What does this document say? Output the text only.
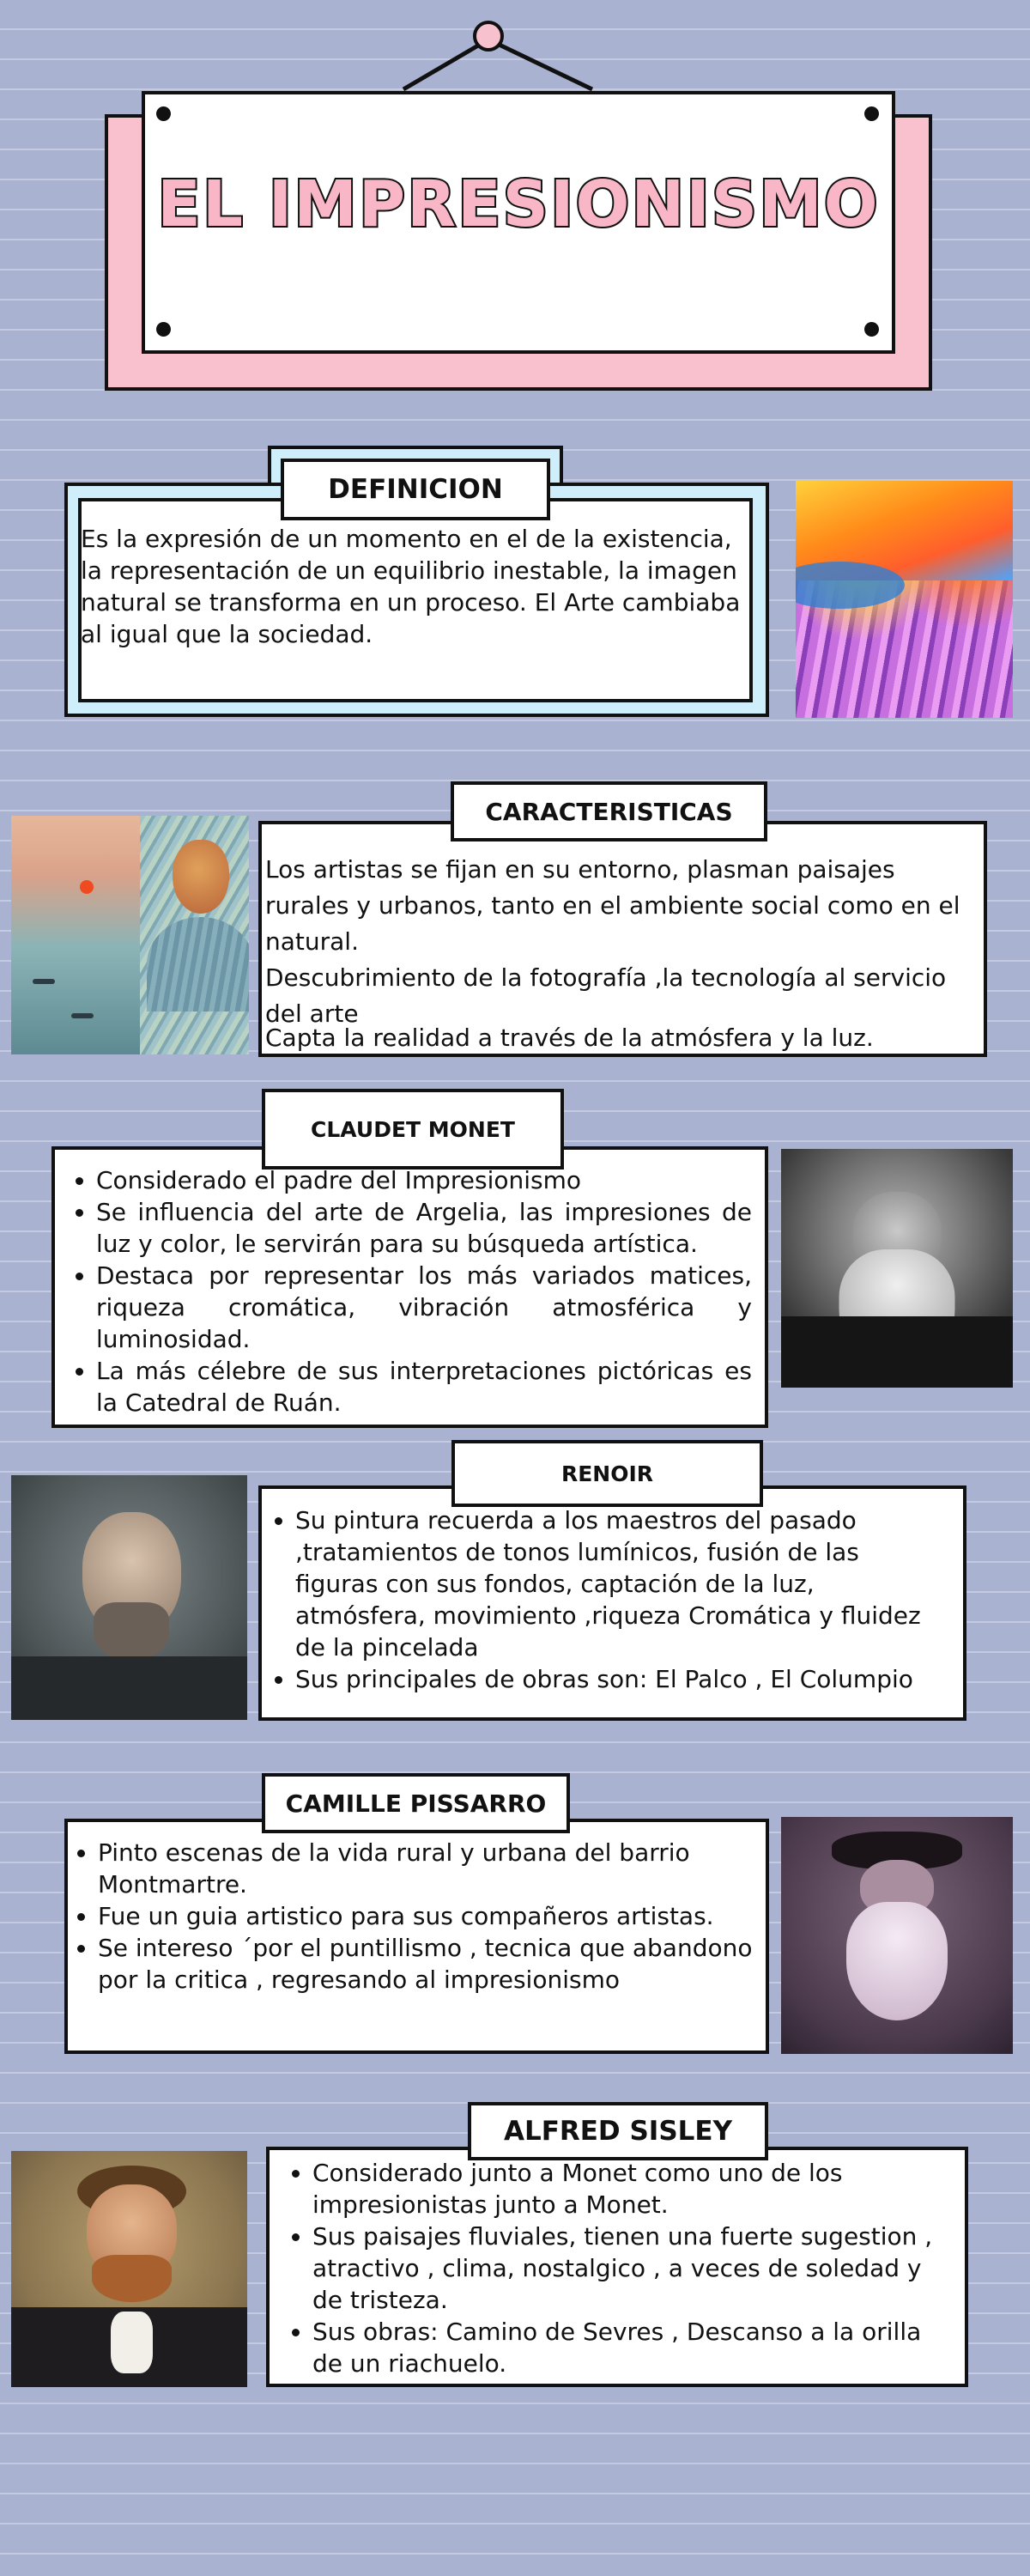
EL IMPRESIONISMO
DEFINICION
Es la expresión de un momento en el de la existencia, la representación de un equilibrio inestable, la imagen natural se transforma en un proceso. El Arte cambiaba al igual que la sociedad.
CARACTERISTICAS
Los artistas se fijan en su entorno, plasman paisajes rurales y urbanos, tanto en el ambiente social como en el natural.
Descubrimiento de la fotografía ,la tecnología al servicio del arte
Capta la realidad a través de la atmósfera y la luz.
CLAUDET MONET
• Considerado el padre del Impresionismo
• Se influencia del arte de Argelia, las impresiones de luz y color, le servirán para su búsqueda artística.
• Destaca por representar los más variados matices, riqueza cromática, vibración atmosférica y luminosidad.
• La más célebre de sus interpretaciones pictóricas es la Catedral de Ruán.
RENOIR
• Su pintura recuerda a los maestros del pasado ,tratamientos de tonos lumínicos, fusión de las figuras con sus fondos, captación de la luz, atmósfera, movimiento ,riqueza Cromática y fluidez de la pincelada
• Sus principales de obras son: El Palco , El Columpio
CAMILLE PISSARRO
• Pinto escenas de la vida rural y urbana del barrio Montmartre.
• Fue un guia artistico para sus compañeros artistas.
• Se intereso ´por el puntillismo , tecnica que abandono por la critica , regresando al impresionismo
ALFRED SISLEY
• Considerado junto a Monet como uno de los impresionistas junto a Monet.
• Sus paisajes fluviales, tienen una fuerte sugestion , atractivo , clima, nostalgico , a veces de soledad y de tristeza.
• Sus obras: Camino de Sevres , Descanso a la orilla de un riachuelo.
